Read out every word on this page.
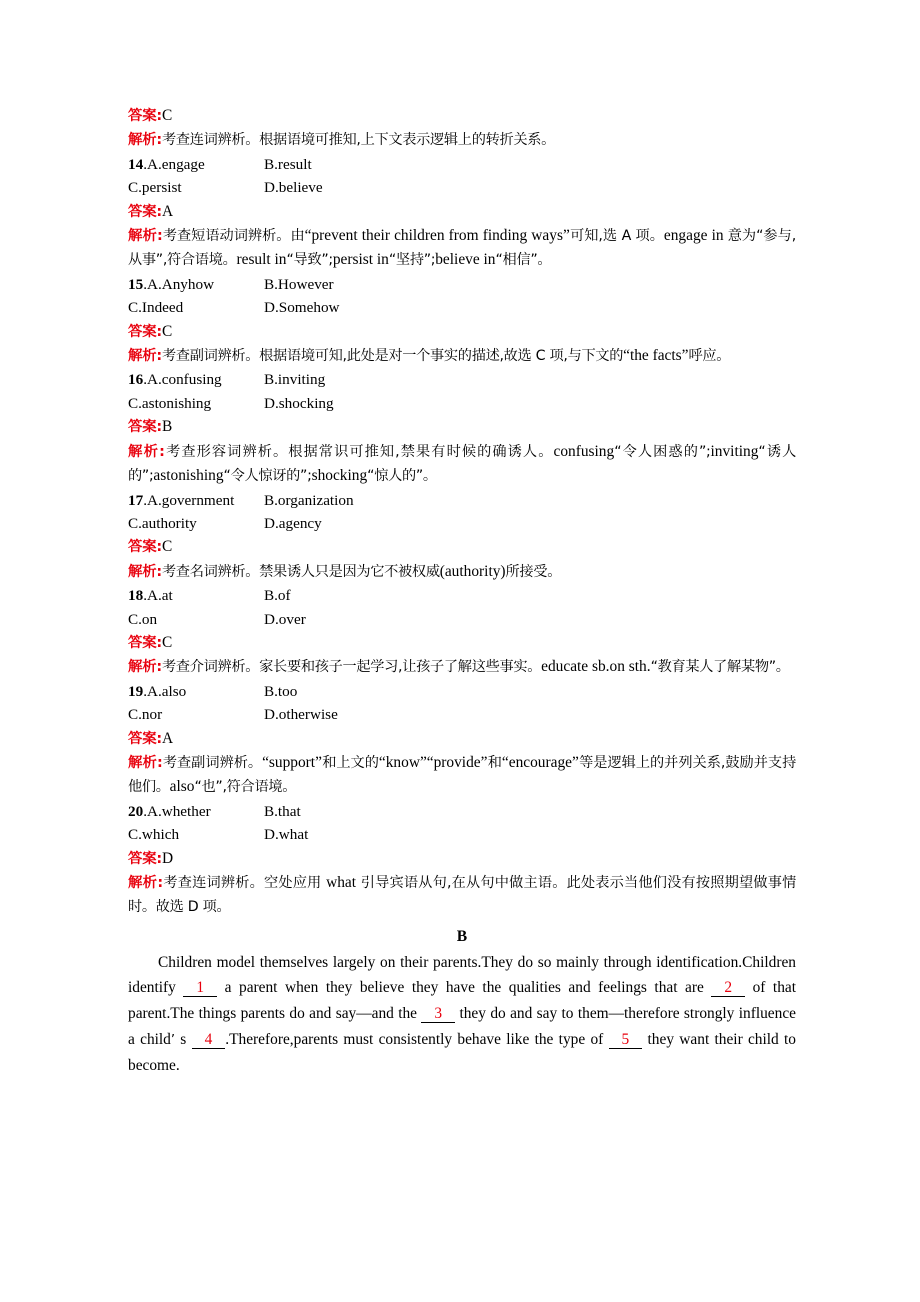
答案:C
解析:考查连词辨析。根据语境可推知,上下文表示逻辑上的转折关系。
14.A.engage	B.result
C.persist	D.believe
答案:A
解析:考查短语动词辨析。由“prevent their children from finding ways”可知,选 A 项。engage in 意为“参与,从事”,符合语境。result in“导致”;persist in“坚持”;believe in“相信”。
15.A.Anyhow	B.However
C.Indeed	D.Somehow
答案:C
解析:考查副词辨析。根据语境可知,此处是对一个事实的描述,故选 C 项,与下文的“the facts”呼应。
16.A.confusing	B.inviting
C.astonishing	D.shocking
答案:B
解析:考查形容词辨析。根据常识可推知,禁果有时候的确诱人。confusing“令人困惑的”;inviting“诱人的”;astonishing“令人惊讶的”;shocking“惊人的”。
17.A.government	B.organization
C.authority	D.agency
答案:C
解析:考查名词辨析。禁果诱人只是因为它不被权威(authority)所接受。
18.A.at	B.of
C.on	D.over
答案:C
解析:考查介词辨析。家长要和孩子一起学习,让孩子了解这些事实。educate sb.on sth.“教育某人了解某物”。
19.A.also	B.too
C.nor	D.otherwise
答案:A
解析:考查副词辨析。“support”和上文的“know”“provide”和“encourage”等是逻辑上的并列关系,鼓励并支持他们。also“也”,符合语境。
20.A.whether	B.that
C.which	D.what
答案:D
解析:考查连词辨析。空处应用 what 引导宾语从句,在从句中做主语。此处表示当他们没有按照期望做事情时。故选 D 项。
B
Children model themselves largely on their parents.They do so mainly through identification.Children identify 1 a parent when they believe they have the qualities and feelings that are 2 of that parent.The things parents do and say—and the 3 they do and say to them—therefore strongly influence a child’ s 4 .Therefore,parents must consistently behave like the type of 5 they want their child to become.
